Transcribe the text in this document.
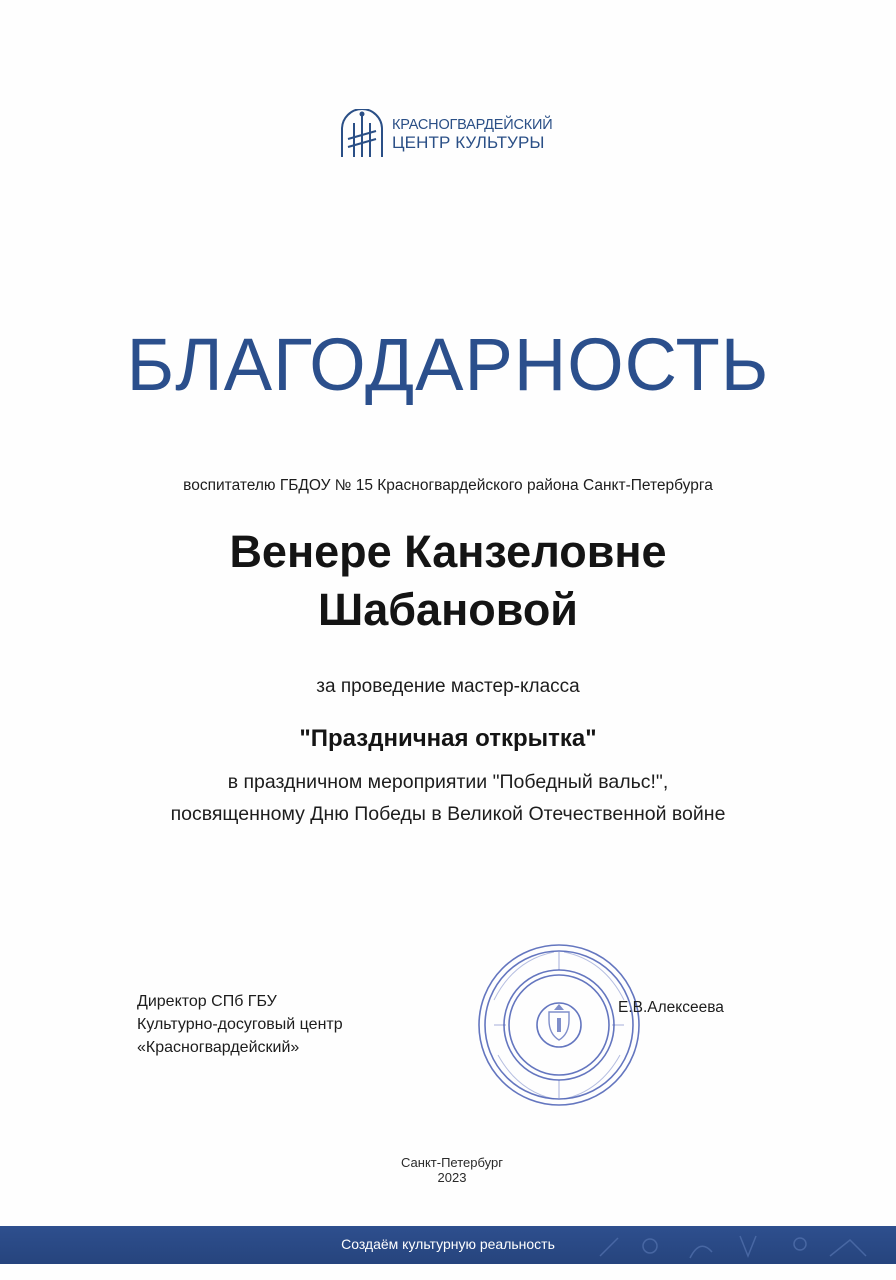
КРАСНОГВАРДЕЙСКИЙ
ЦЕНТР КУЛЬТУРЫ
БЛАГОДАРНОСТЬ
воспитателю ГБДОУ № 15 Красногвардейского района Санкт-Петербурга
Венере Канзеловне
Шабановой
за проведение мастер-класса
"Праздничная открытка"
в праздничном мероприятии "Победный вальс!",
посвященному Дню Победы в Великой Отечественной войне
Директор СПб ГБУ
Культурно-досуговый центр
«Красногвардейский»
Е.В.Алексеева
Санкт-Петербург
2023
Создаём культурную реальность
